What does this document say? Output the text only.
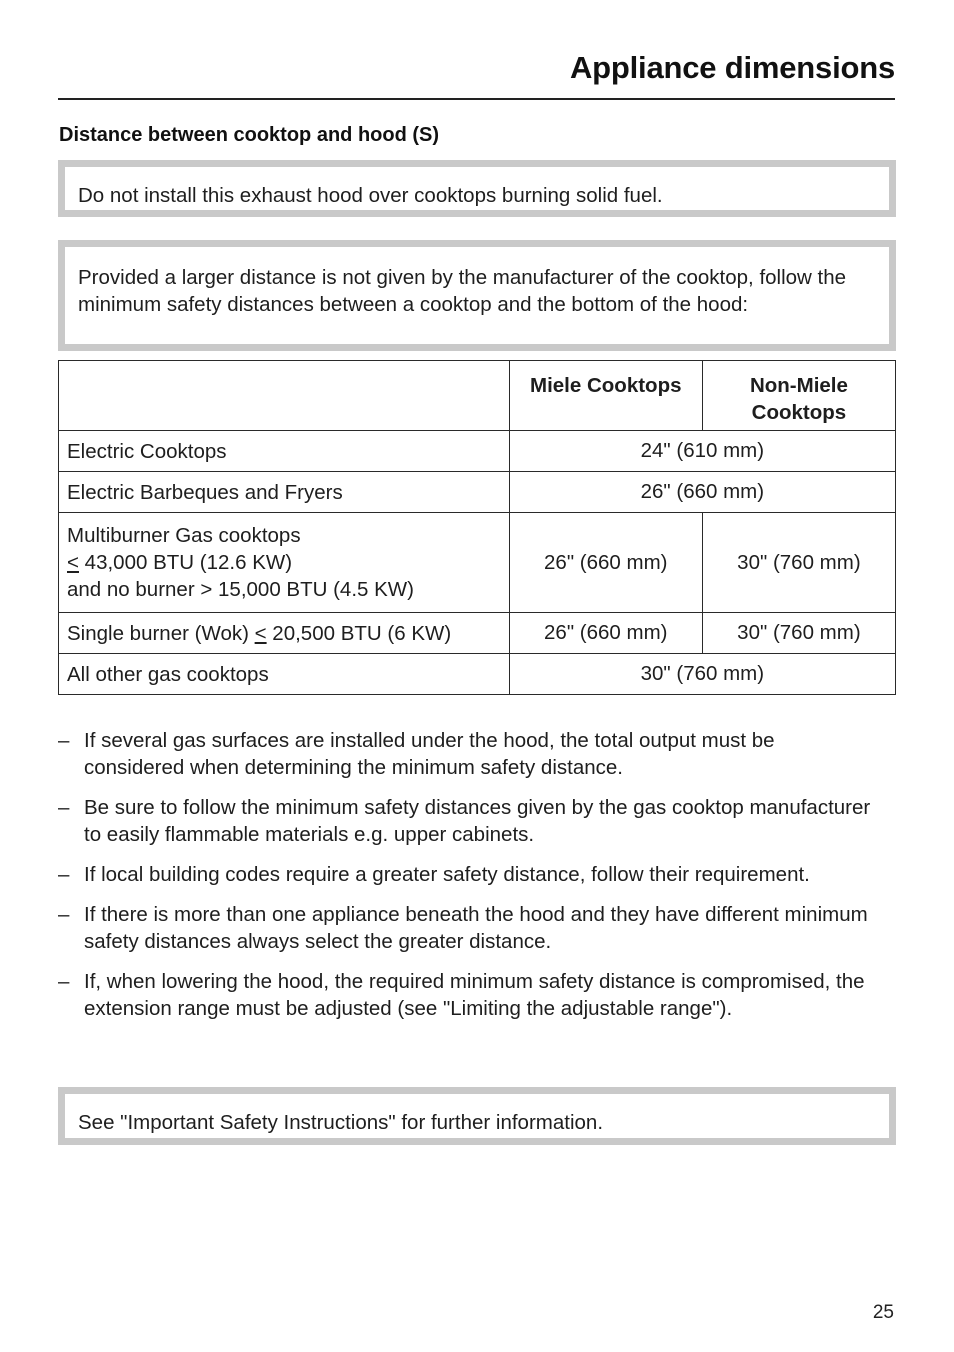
Appliance dimensions
Distance between cooktop and hood (S)

Do not install this exhaust hood over cooktops burning solid fuel.

Provided a larger distance is not given by the manufacturer of the cooktop, follow the minimum safety distances between a cooktop and the bottom of the hood:

	Miele Cooktops	Non-Miele
Cooktops
Electric Cooktops	24" (610 mm)	
Electric Barbeques and Fryers	26" (660 mm)	
Multiburner Gas cooktops
≤ 43,000 BTU (12.6 KW)
and no burner > 15,000 BTU (4.5 KW)	26" (660 mm)	30" (760 mm)
Single burner (Wok) ≤ 20,500 BTU (6 KW)	26" (660 mm)	30" (760 mm)
All other gas cooktops	30" (760 mm)	
– If several gas surfaces are installed under the hood, the total output must be considered when determining the minimum safety distance.
– Be sure to follow the minimum safety distances given by the gas cooktop manufacturer to easily flammable materials e.g. upper cabinets.
– If local building codes require a greater safety distance, follow their requirement.
– If there is more than one appliance beneath the hood and they have different minimum safety distances always select the greater distance.
– If, when lowering the hood, the required minimum safety distance is compromised, the extension range must be adjusted (see "Limiting the adjustable range").

See "Important Safety Instructions" for further information.

25
